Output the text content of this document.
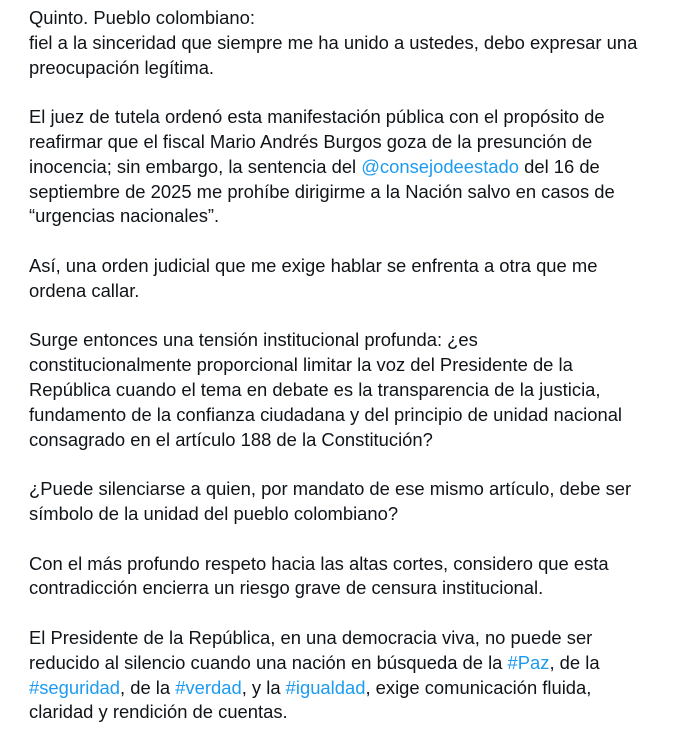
Quinto. Pueblo colombiano:
fiel a la sinceridad que siempre me ha unido a ustedes, debo expresar una
preocupación legítima.
El juez de tutela ordenó esta manifestación pública con el propósito de
reafirmar que el fiscal Mario Andrés Burgos goza de la presunción de
inocencia; sin embargo, la sentencia del @consejodeestado del 16 de
septiembre de 2025 me prohíbe dirigirme a la Nación salvo en casos de
“urgencias nacionales”.
Así, una orden judicial que me exige hablar se enfrenta a otra que me
ordena callar.
Surge entonces una tensión institucional profunda: ¿es
constitucionalmente proporcional limitar la voz del Presidente de la
República cuando el tema en debate es la transparencia de la justicia,
fundamento de la confianza ciudadana y del principio de unidad nacional
consagrado en el artículo 188 de la Constitución?
¿Puede silenciarse a quien, por mandato de ese mismo artículo, debe ser
símbolo de la unidad del pueblo colombiano?
Con el más profundo respeto hacia las altas cortes, considero que esta
contradicción encierra un riesgo grave de censura institucional.
El Presidente de la República, en una democracia viva, no puede ser
reducido al silencio cuando una nación en búsqueda de la #Paz, de la
#seguridad, de la #verdad, y la #igualdad, exige comunicación fluida,
claridad y rendición de cuentas.
